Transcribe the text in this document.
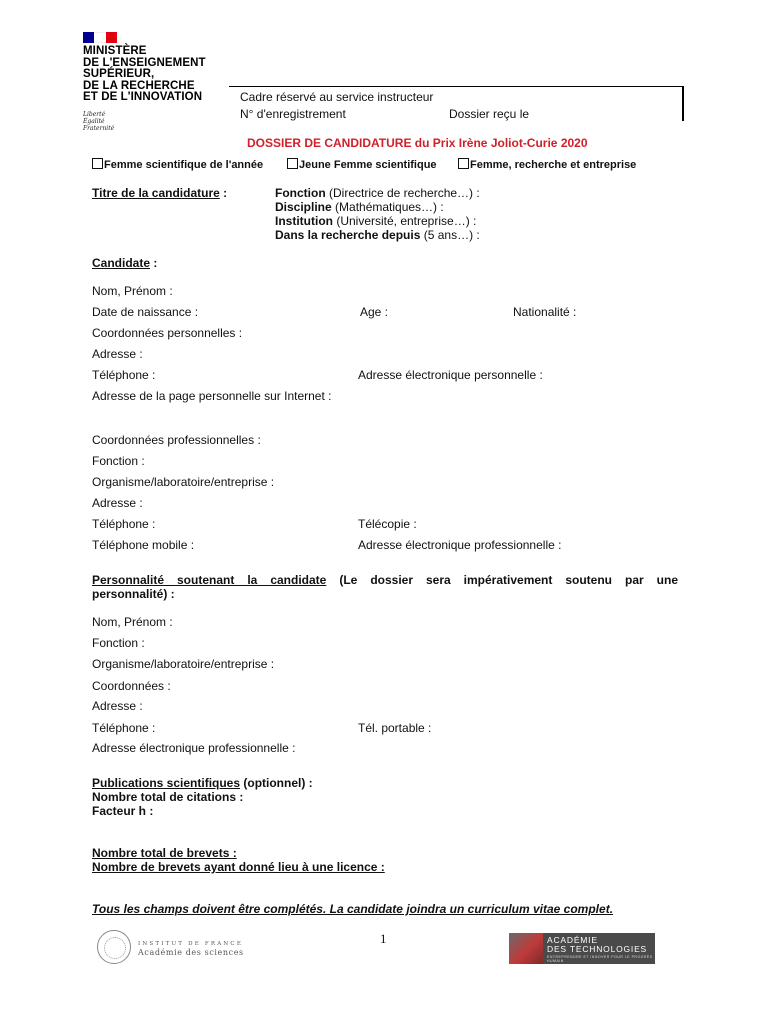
MINISTÈRE
DE L'ENSEIGNEMENT
SUPÉRIEUR,
DE LA RECHERCHE
ET DE L'INNOVATION
Liberté
Égalité
Fraternité
Cadre réservé au service instructeur
N° d'enregistrement	Dossier reçu le
DOSSIER DE CANDIDATURE du Prix Irène Joliot-Curie 2020
Femme scientifique de l'année	Jeune Femme scientifique	Femme, recherche et entreprise
Titre de la candidature :	Fonction (Directrice de recherche…) :
Discipline (Mathématiques…) :
Institution (Université, entreprise…) :
Dans la recherche depuis (5 ans…) :
Candidate :
Nom, Prénom :
Date de naissance :	Age :	Nationalité :
Coordonnées personnelles :
Adresse :
Téléphone :	Adresse électronique personnelle :
Adresse de la page personnelle sur Internet :
Coordonnées professionnelles :
Fonction :
Organisme/laboratoire/entreprise :
Adresse :
Téléphone :	Télécopie :
Téléphone mobile :	Adresse électronique professionnelle :
Personnalité soutenant la candidate (Le dossier sera impérativement soutenu par une
personnalité) :
Nom, Prénom :
Fonction :
Organisme/laboratoire/entreprise :
Coordonnées :
Adresse :
Téléphone :	Tél. portable :
Adresse électronique professionnelle :
Publications scientifiques (optionnel) :
Nombre total de citations :
Facteur h :
Nombre total de brevets :
Nombre de brevets ayant donné lieu à une licence :
Tous les champs doivent être complétés. La candidate joindra un curriculum vitae complet.
1
INSTITUT DE FRANCE
Académie des sciences
ACADÉMIE
DES TECHNOLOGIES
ENTREPRENDRE ET INNOVER POUR LE PROGRÈS HUMAIN
